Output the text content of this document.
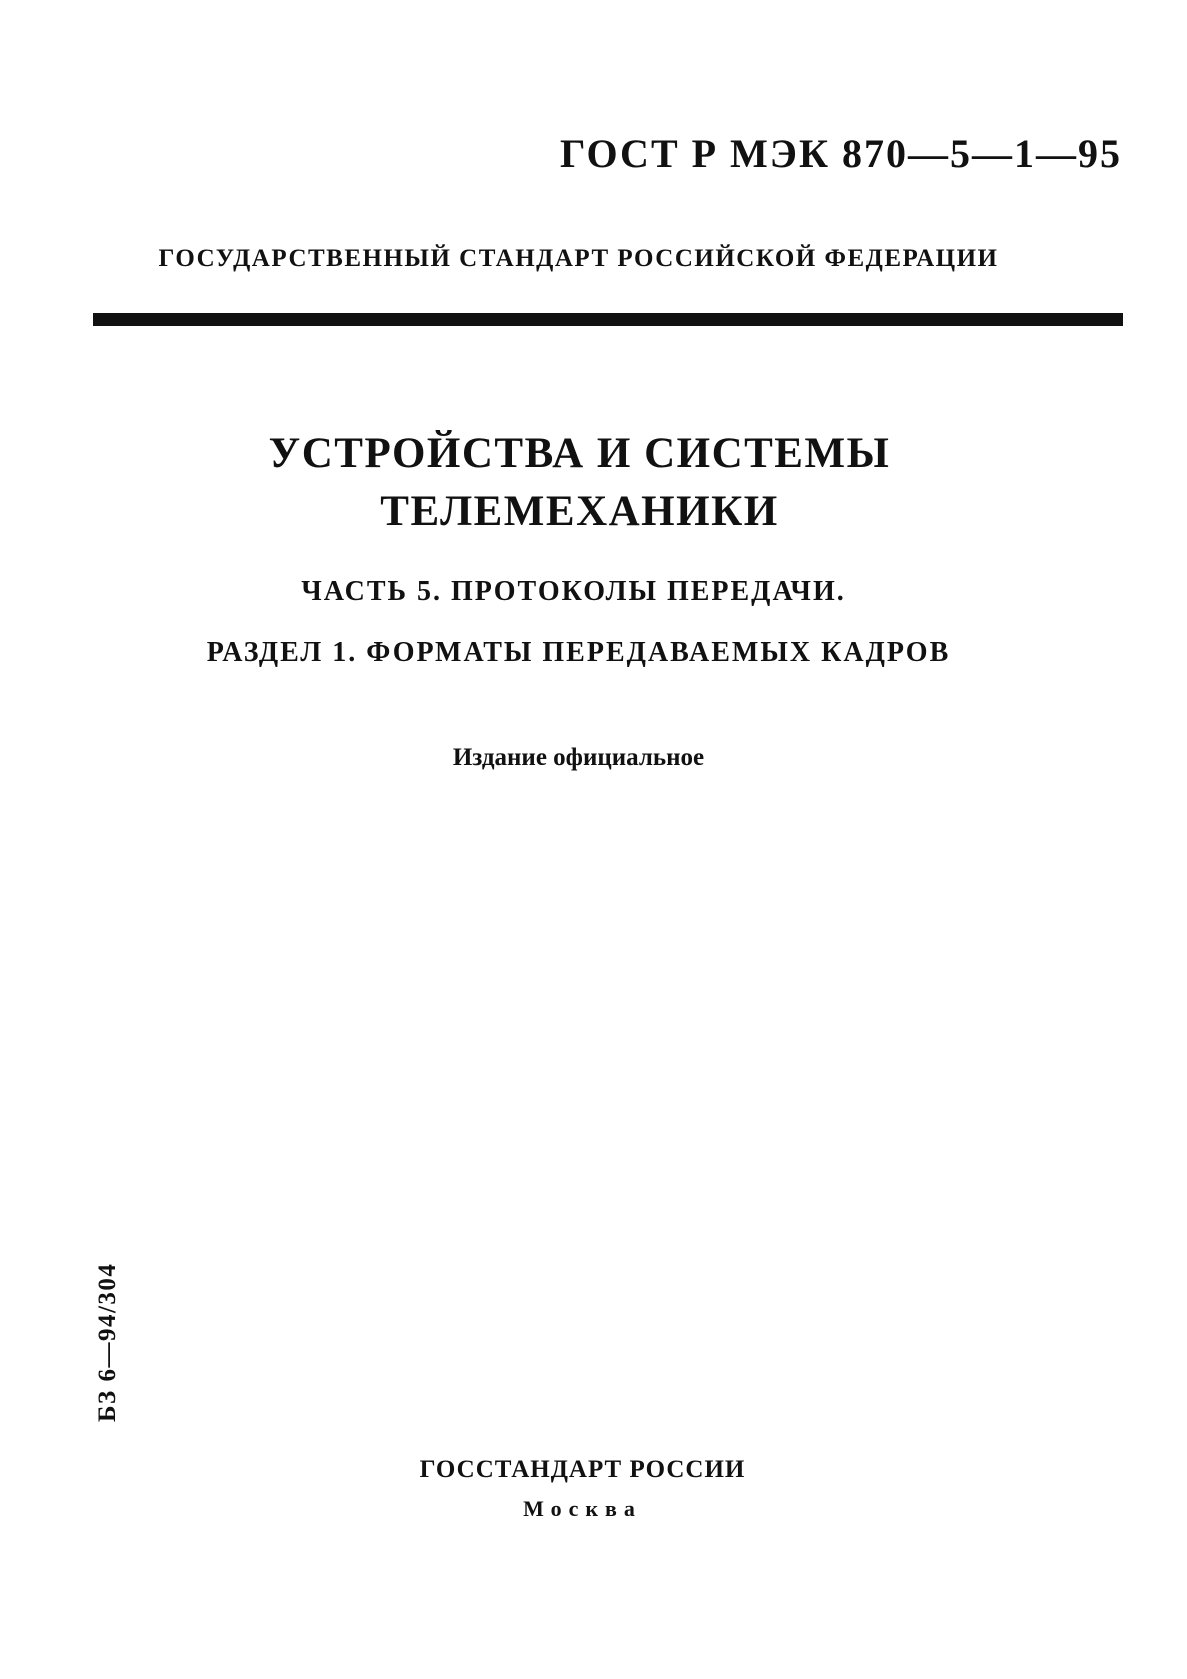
ГОСТ Р МЭК 870—5—1—95
ГОСУДАРСТВЕННЫЙ СТАНДАРТ РОССИЙСКОЙ ФЕДЕРАЦИИ
УСТРОЙСТВА И СИСТЕМЫ
ТЕЛЕМЕХАНИКИ
ЧАСТЬ 5. ПРОТОКОЛЫ ПЕРЕДАЧИ.
РАЗДЕЛ 1. ФОРМАТЫ ПЕРЕДАВАЕМЫХ КАДРОВ
Издание официальное
БЗ 6—94/304
ГОССТАНДАРТ РОССИИ
Москва
